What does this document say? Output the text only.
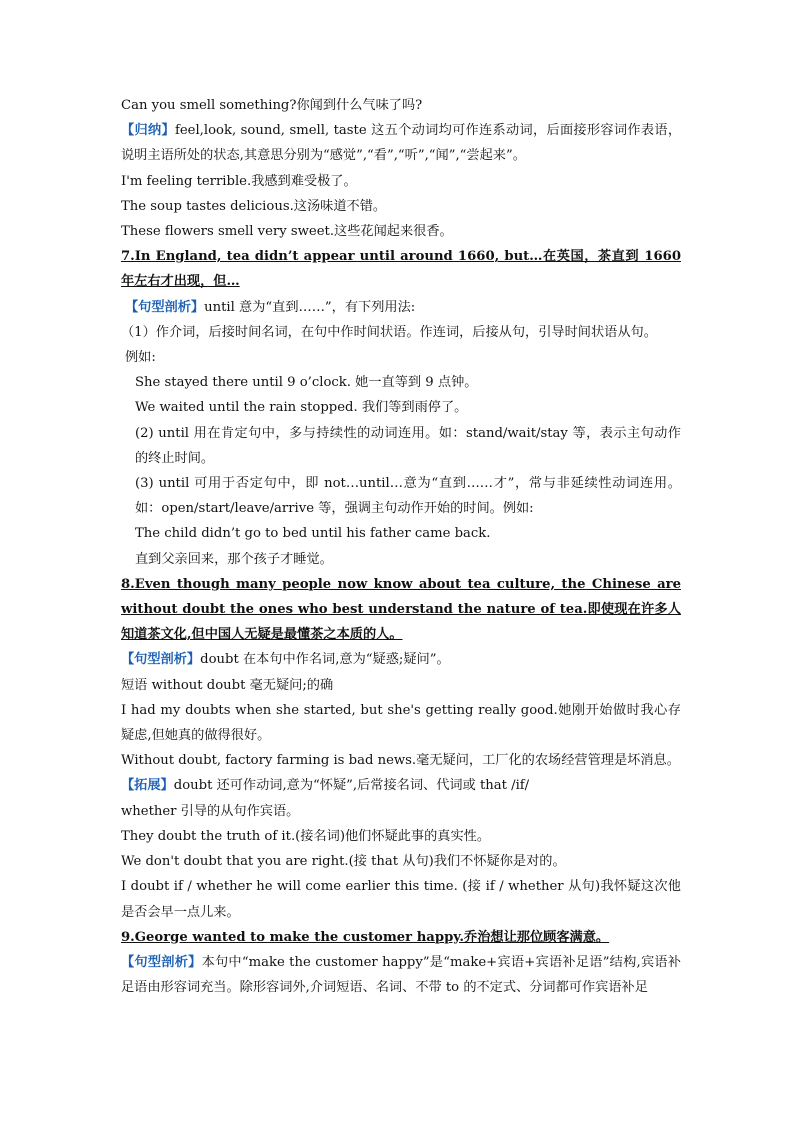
Can you smell something?你闻到什么气味了吗?

【归纳】feel,look, sound, smell, taste 这五个动词均可作连系动词，后面接形容词作表语，说明主语所处的状态,其意思分别为“感觉”,“看”,“听”,“闻”,“尝起来”。

I'm feeling terrible.我感到难受极了。

The soup tastes delicious.这汤味道不错。

These flowers smell very sweet.这些花闻起来很香。

7.In England, tea didn’t appear until around 1660, but…在英国，茶直到 1660 年左右才出现，但…

【句型剖析】until 意为“直到……”，有下列用法:

（1）作介词，后接时间名词，在句中作时间状语。作连词，后接从句，引导时间状语从句。

例如:

She stayed there until 9 o’clock. 她一直等到 9 点钟。

We waited until the rain stopped. 我们等到雨停了。

(2) until 用在肯定句中，多与持续性的动词连用。如：stand/wait/stay 等，表示主句动作的终止时间。

(3) until 可用于否定句中，即 not…until…意为“直到……才”，常与非延续性动词连用。如：open/start/leave/arrive 等，强调主句动作开始的时间。例如:

The child didn’t go to bed until his father came back.

直到父亲回来，那个孩子才睡觉。

8.Even though many people now know about tea culture, the Chinese are without doubt the ones who best understand the nature of tea.即使现在许多人知道茶文化,但中国人无疑是最懂茶之本质的人。

【句型剖析】doubt 在本句中作名词,意为“疑惑;疑问”。

短语 without doubt 毫无疑问;的确

I had my doubts when she started, but she's getting really good.她刚开始做时我心存疑虑,但她真的做得很好。

Without doubt, factory farming is bad news.毫无疑问，工厂化的农场经营管理是坏消息。

【拓展】doubt 还可作动词,意为“怀疑”,后常接名词、代词或 that /if/

whether 引导的从句作宾语。

They doubt the truth of it.(接名词)他们怀疑此事的真实性。

We don't doubt that you are right.(接 that 从句)我们不怀疑你是对的。

I doubt if / whether he will come earlier this time. (接 if / whether 从句)我怀疑这次他是否会早一点儿来。

9.George wanted to make the customer happy.乔治想让那位顾客满意。

【句型剖析】本句中“make the customer happy”是“make+宾语+宾语补足语”结构,宾语补足语由形容词充当。除形容词外,介词短语、名词、不带 to 的不定式、分词都可作宾语补足
